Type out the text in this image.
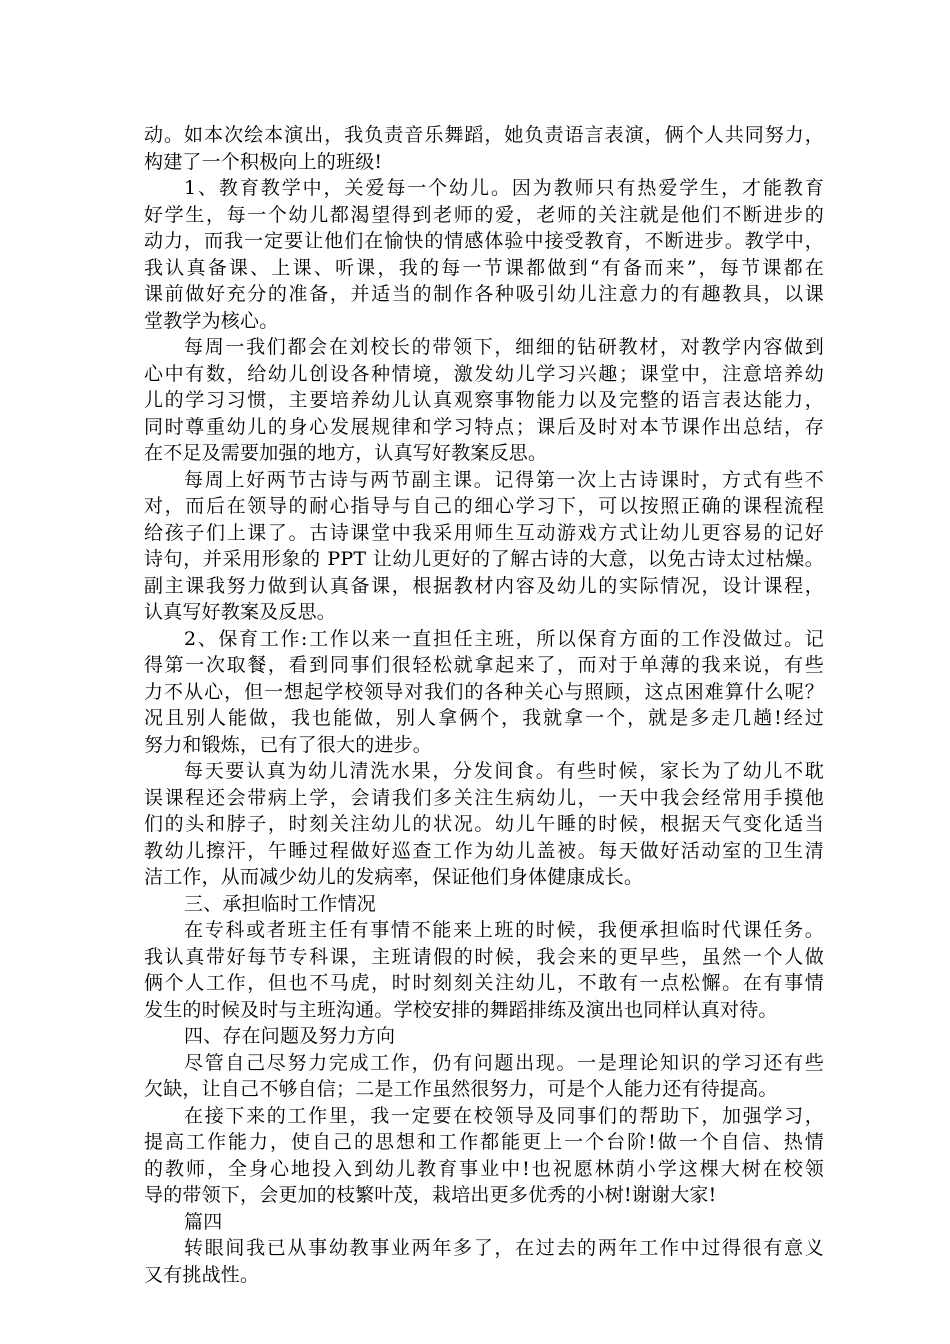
动。如本次绘本演出，我负责音乐舞蹈，她负责语言表演，俩个人共同努力，
构建了一个积极向上的班级!
1、教育教学中，关爱每一个幼儿。因为教师只有热爱学生，才能教育
好学生，每一个幼儿都渴望得到老师的爱，老师的关注就是他们不断进步的
动力，而我一定要让他们在愉快的情感体验中接受教育，不断进步。教学中，
我认真备课、上课、听课，我的每一节课都做到“有备而来”，每节课都在
课前做好充分的准备，并适当的制作各种吸引幼儿注意力的有趣教具，以课
堂教学为核心。
每周一我们都会在刘校长的带领下，细细的钻研教材，对教学内容做到
心中有数，给幼儿创设各种情境，激发幼儿学习兴趣；课堂中，注意培养幼
儿的学习习惯，主要培养幼儿认真观察事物能力以及完整的语言表达能力，
同时尊重幼儿的身心发展规律和学习特点；课后及时对本节课作出总结，存
在不足及需要加强的地方，认真写好教案反思。
每周上好两节古诗与两节副主课。记得第一次上古诗课时，方式有些不
对，而后在领导的耐心指导与自己的细心学习下，可以按照正确的课程流程
给孩子们上课了。古诗课堂中我采用师生互动游戏方式让幼儿更容易的记好
诗句，并采用形象的 PPT 让幼儿更好的了解古诗的大意，以免古诗太过枯燥。
副主课我努力做到认真备课，根据教材内容及幼儿的实际情况，设计课程，
认真写好教案及反思。
2、保育工作:工作以来一直担任主班，所以保育方面的工作没做过。记
得第一次取餐，看到同事们很轻松就拿起来了，而对于单薄的我来说，有些
力不从心，但一想起学校领导对我们的各种关心与照顾，这点困难算什么呢？
况且别人能做，我也能做，别人拿俩个，我就拿一个，就是多走几趟!经过
努力和锻炼，已有了很大的进步。
每天要认真为幼儿清洗水果，分发间食。有些时候，家长为了幼儿不耽
误课程还会带病上学，会请我们多关注生病幼儿，一天中我会经常用手摸他
们的头和脖子，时刻关注幼儿的状况。幼儿午睡的时候，根据天气变化适当
教幼儿擦汗，午睡过程做好巡查工作为幼儿盖被。每天做好活动室的卫生清
洁工作，从而减少幼儿的发病率，保证他们身体健康成长。
三、承担临时工作情况
在专科或者班主任有事情不能来上班的时候，我便承担临时代课任务。
我认真带好每节专科课，主班请假的时候，我会来的更早些，虽然一个人做
俩个人工作，但也不马虎，时时刻刻关注幼儿，不敢有一点松懈。在有事情
发生的时候及时与主班沟通。学校安排的舞蹈排练及演出也同样认真对待。
四、存在问题及努力方向
尽管自己尽努力完成工作，仍有问题出现。一是理论知识的学习还有些
欠缺，让自己不够自信；二是工作虽然很努力，可是个人能力还有待提高。
在接下来的工作里，我一定要在校领导及同事们的帮助下，加强学习，
提高工作能力，使自己的思想和工作都能更上一个台阶!做一个自信、热情
的教师，全身心地投入到幼儿教育事业中!也祝愿林荫小学这棵大树在校领
导的带领下，会更加的枝繁叶茂，栽培出更多优秀的小树!谢谢大家!
篇四
转眼间我已从事幼教事业两年多了，在过去的两年工作中过得很有意义
又有挑战性。
